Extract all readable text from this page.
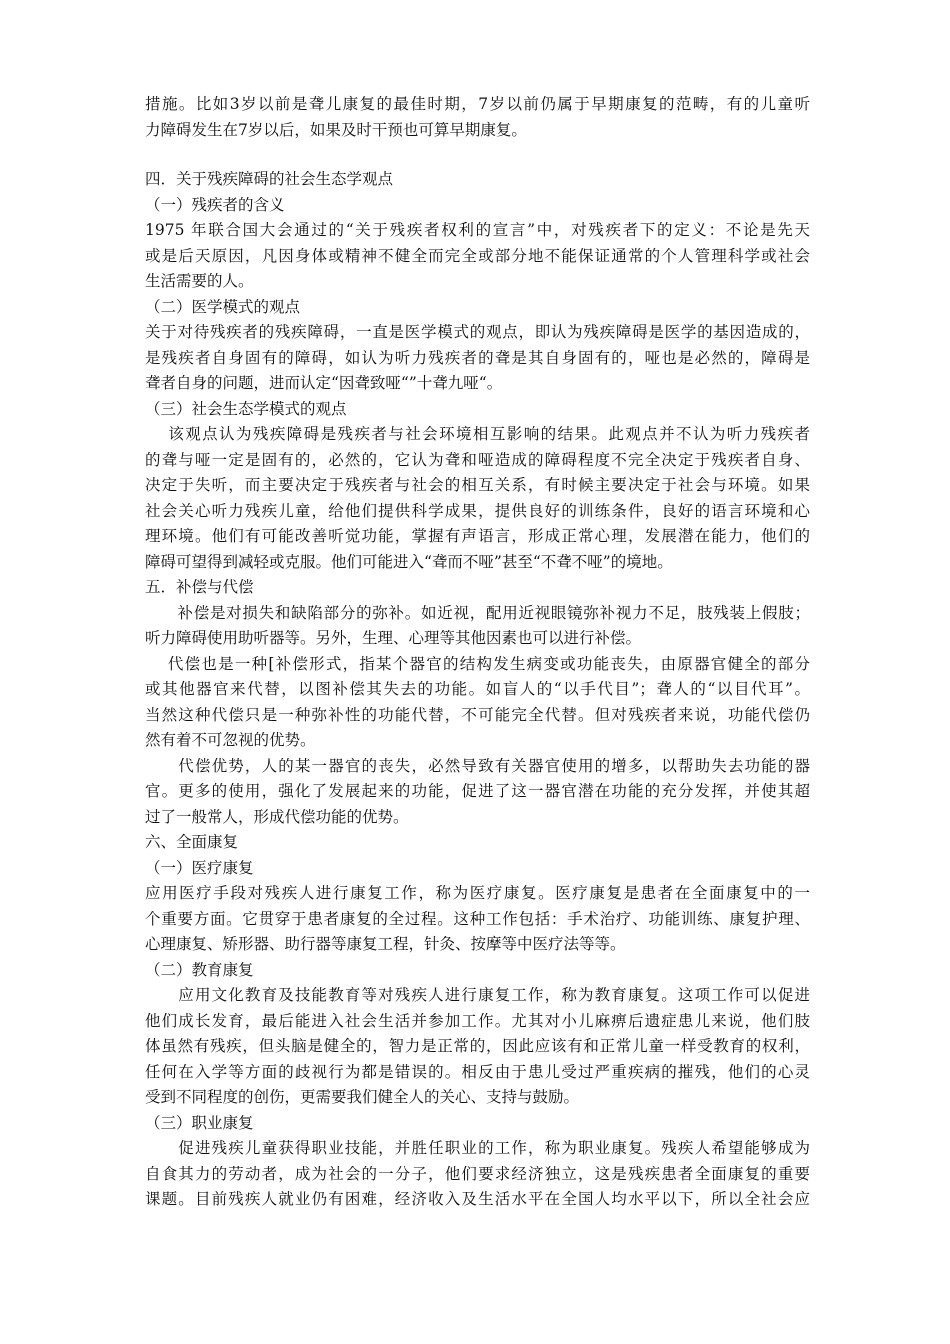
措施。比如3岁以前是聋儿康复的最佳时期，7岁以前仍属于早期康复的范畴，有的儿童听
力障碍发生在7岁以后，如果及时干预也可算早期康复。
四．关于残疾障碍的社会生态学观点
（一）残疾者的含义
1975 年联合国大会通过的“关于残疾者权利的宣言”中，对残疾者下的定义：不论是先天
或是后天原因，凡因身体或精神不健全而完全或部分地不能保证通常的个人管理科学或社会
生活需要的人。
（二）医学模式的观点
关于对待残疾者的残疾障碍，一直是医学模式的观点，即认为残疾障碍是医学的基因造成的，
是残疾者自身固有的障碍，如认为听力残疾者的聋是其自身固有的，哑也是必然的，障碍是
聋者自身的问题，进而认定“因聋致哑“”十聋九哑“。
（三）社会生态学模式的观点
　 该观点认为残疾障碍是残疾者与社会环境相互影响的结果。此观点并不认为听力残疾者
的聋与哑一定是固有的，必然的，它认为聋和哑造成的障碍程度不完全决定于残疾者自身、
决定于失听，而主要决定于残疾者与社会的相互关系，有时候主要决定于社会与环境。如果
社会关心听力残疾儿童，给他们提供科学成果，提供良好的训练条件，良好的语言环境和心
理环境。他们有可能改善听觉功能，掌握有声语言，形成正常心理，发展潜在能力，他们的
障碍可望得到减轻或克服。他们可能进入“聋而不哑”甚至“不聋不哑”的境地。
五．补偿与代偿
　　补偿是对损失和缺陷部分的弥补。如近视，配用近视眼镜弥补视力不足，肢残装上假肢；
听力障碍使用助听器等。另外，生理、心理等其他因素也可以进行补偿。
　 代偿也是一种[补偿形式，指某个器官的结构发生病变或功能丧失，由原器官健全的部分
或其他器官来代替，以图补偿其失去的功能。如盲人的“以手代目”；聋人的“以目代耳”。
当然这种代偿只是一种弥补性的功能代替，不可能完全代替。但对残疾者来说，功能代偿仍
然有着不可忽视的优势。
　　代偿优势，人的某一器官的丧失，必然导致有关器官使用的增多，以帮助失去功能的器
官。更多的使用，强化了发展起来的功能，促进了这一器官潜在功能的充分发挥，并使其超
过了一般常人，形成代偿功能的优势。
六、全面康复
（一）医疗康复
应用医疗手段对残疾人进行康复工作，称为医疗康复。医疗康复是患者在全面康复中的一
个重要方面。它贯穿于患者康复的全过程。这种工作包括：手术治疗、功能训练、康复护理、
心理康复、矫形器、助行器等康复工程，针灸、按摩等中医疗法等等。
（二）教育康复
　　应用文化教育及技能教育等对残疾人进行康复工作，称为教育康复。这项工作可以促进
他们成长发育，最后能进入社会生活并参加工作。尤其对小儿麻痹后遗症患儿来说，他们肢
体虽然有残疾，但头脑是健全的，智力是正常的，因此应该有和正常儿童一样受教育的权利，
任何在入学等方面的歧视行为都是错误的。相反由于患儿受过严重疾病的摧残，他们的心灵
受到不同程度的创伤，更需要我们健全人的关心、支持与鼓励。
（三）职业康复
　　促进残疾儿童获得职业技能，并胜任职业的工作，称为职业康复。残疾人希望能够成为
自食其力的劳动者，成为社会的一分子，他们要求经济独立，这是残疾患者全面康复的重要
课题。目前残疾人就业仍有困难，经济收入及生活水平在全国人均水平以下，所以全社会应
